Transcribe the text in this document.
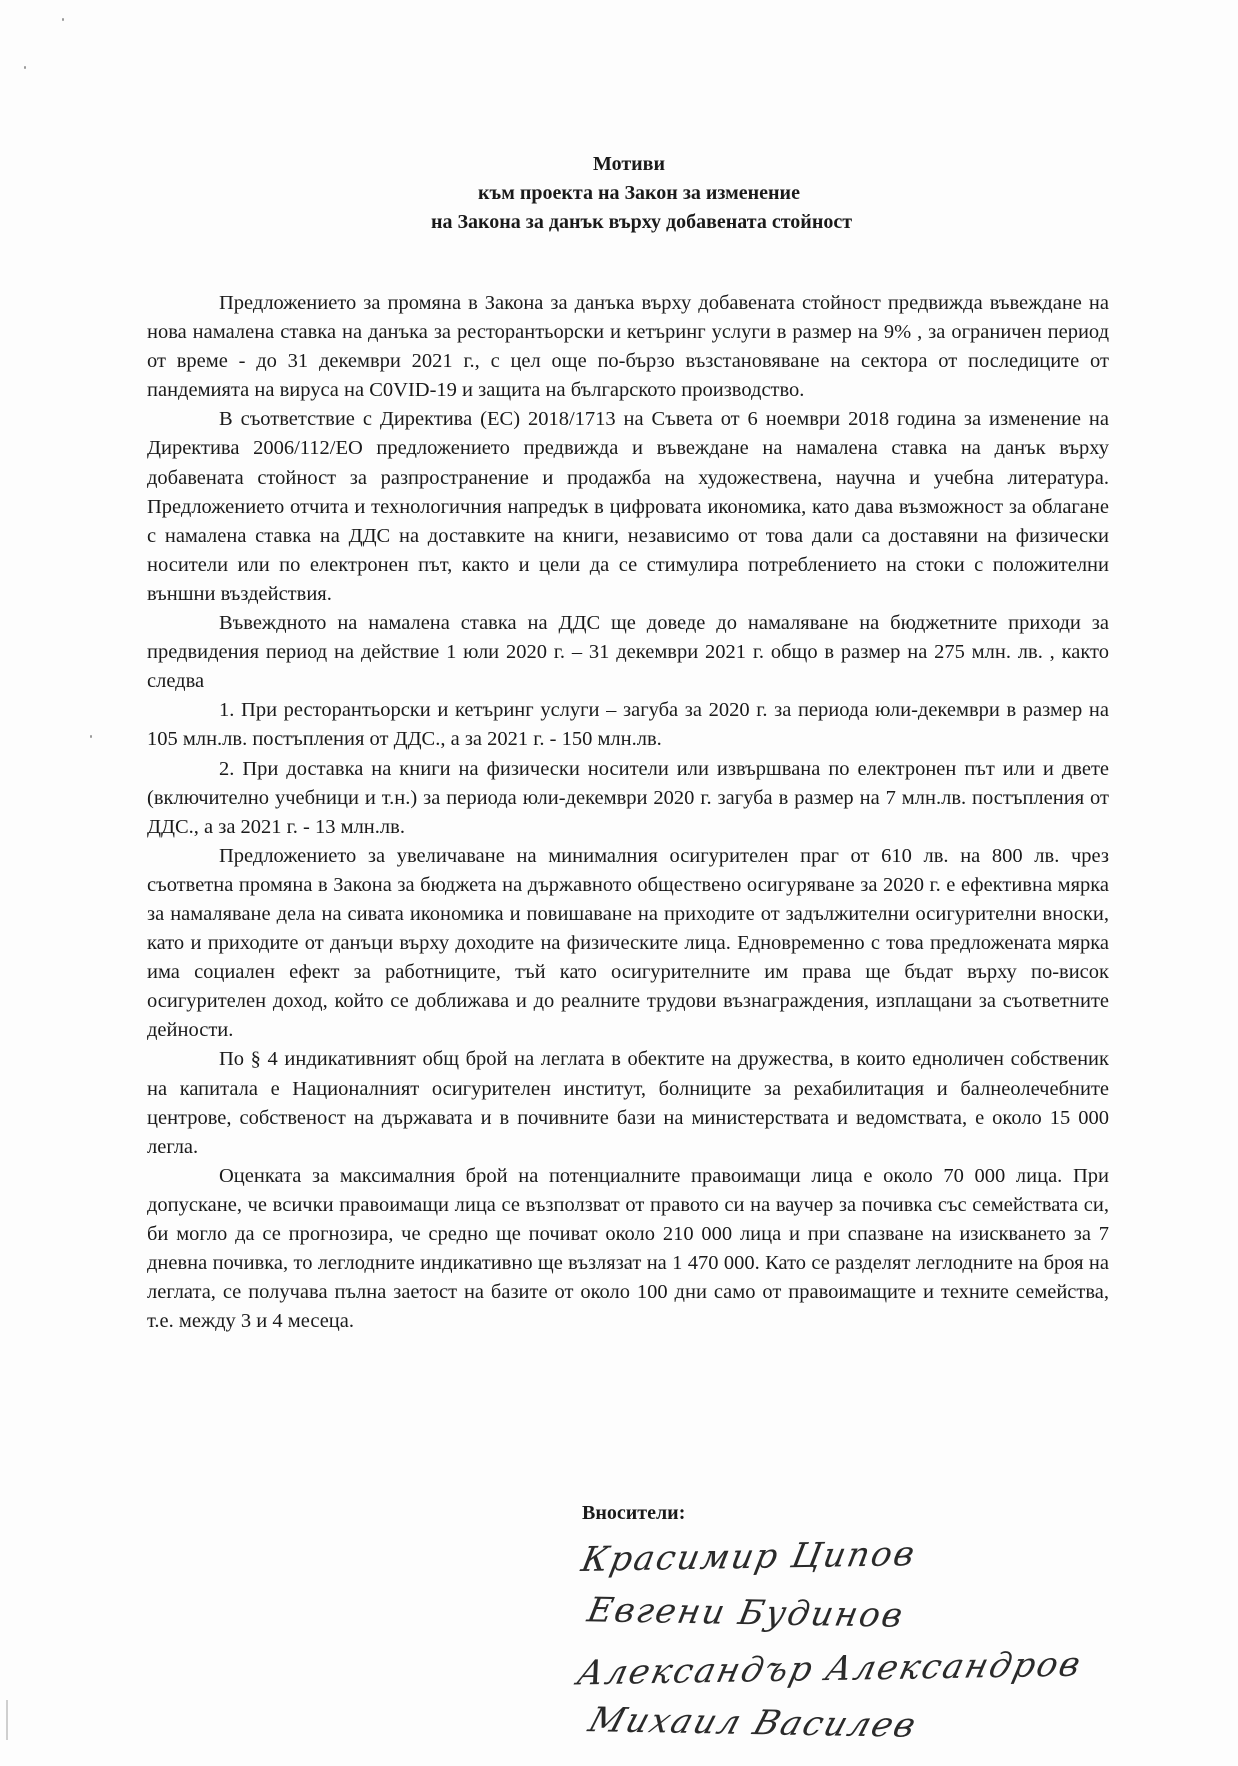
Мотиви
към проекта на Закон за изменение
на Закона за данък върху добавената стойност

Предложението за промяна в Закона за данъка върху добавената стойност предвижда въвеждане на нова намалена ставка на данъка за ресторантьорски и кетъринг услуги в размер на 9% , за ограничен период от време - до 31 декември 2021 г., с цел още по-бързо възстановяване на сектора от последиците от пандемията на вируса на C0VID-19 и защита на българското производство.

В съответствие с Директива (ЕС) 2018/1713 на Съвета от 6 ноември 2018 година за изменение на Директива 2006/112/ЕО предложението предвижда и въвеждане на намалена ставка на данък върху добавената стойност за разпространение и продажба на художествена, научна и учебна литература. Предложението отчита и технологичния напредък в цифровата икономика, като дава възможност за облагане с намалена ставка на ДДС на доставките на книги, независимо от това дали са доставяни на физически носители или по електронен път, както и цели да се стимулира потреблението на стоки с положителни външни въздействия.

Въвеждното на намалена ставка на ДДС ще доведе до намаляване на бюджетните приходи за предвидения период на действие 1 юли 2020 г. – 31 декември 2021 г. общо в размер на 275 млн. лв. , както следва

1. При ресторантьорски и кетъринг услуги – загуба за 2020 г. за периода юли-декември в размер на 105 млн.лв. постъпления от ДДС., а за 2021 г. - 150 млн.лв.

2. При доставка на книги на физически носители или извършвана по електронен път или и двете (включително учебници и т.н.) за периода юли-декември 2020 г. загуба в размер на 7 млн.лв. постъпления от ДДС., а за 2021 г. - 13 млн.лв.

Предложението за увеличаване на минималния осигурителен праг от 610 лв. на 800 лв. чрез съответна промяна в Закона за бюджета на държавното обществено осигуряване за 2020 г. е ефективна мярка за намаляване дела на сивата икономика и повишаване на приходите от задължителни осигурителни вноски, като и приходите от данъци върху доходите на физическите лица. Едновременно с това предложената мярка има социален ефект за работниците, тъй като осигурителните им права ще бъдат върху по-висок осигурителен доход, който се доближава и до реалните трудови възнаграждения, изплащани за съответните дейности.

По § 4 индикативният общ брой на леглата в обектите на дружества, в които едноличен собственик на капитала е Националният осигурителен институт, болниците за рехабилитация и балнеолечебните центрове, собственост на държавата и в почивните бази на министерствата и ведомствата, е около 15 000 легла.

Оценката за максималния брой на потенциалните правоимащи лица е около 70 000 лица. При допускане, че всички правоимащи лица се възползват от правото си на ваучер за почивка със семействата си, би могло да се прогнозира, че средно ще почиват около 210 000 лица и при спазване на изискването за 7 дневна почивка, то леглодните индикативно ще възлязат на 1 470 000. Като се разделят леглодните на броя на леглата, се получава пълна заетост на базите от около 100 дни само от правоимащите и техните семейства, т.е. между 3 и 4 месеца.

Вносители:
Красимир Ципов
Евгени Будинов
Александър Александров
Михаил Василев
